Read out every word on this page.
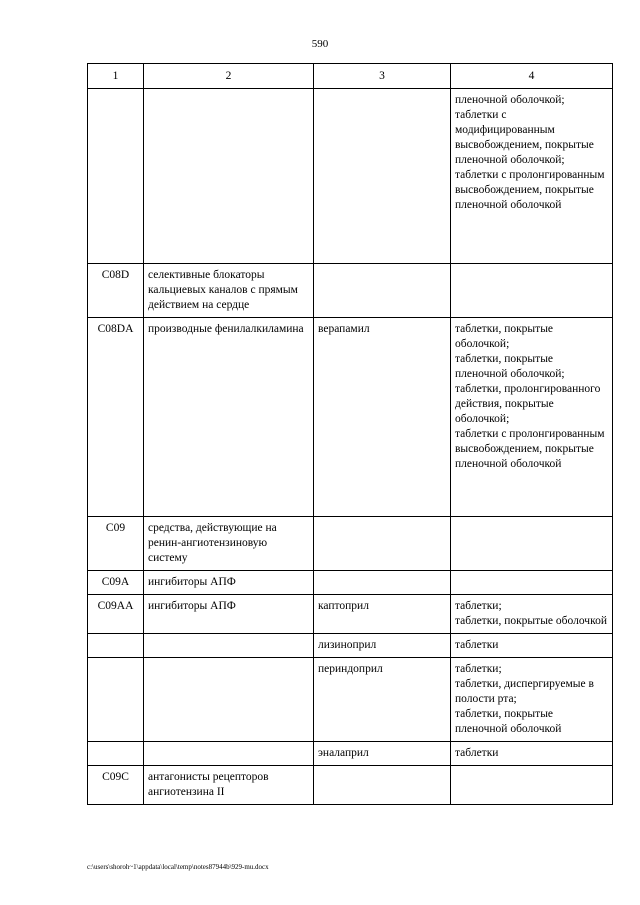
590
1	2	3	4
			пленочной оболочкой;
таблетки с модифицированным высвобождением, покрытые пленочной оболочкой;
таблетки с пролонгированным высвобождением, покрытые пленочной оболочкой
C08D	селективные блокаторы кальциевых каналов с прямым действием на сердце		
C08DA	производные фенилалкиламина	верапамил	таблетки, покрытые оболочкой;
таблетки, покрытые пленочной оболочкой;
таблетки, пролонгированного действия, покрытые оболочкой;
таблетки с пролонгированным высвобождением, покрытые пленочной оболочкой
C09	средства, действующие на ренин-ангиотензиновую систему		
C09A	ингибиторы АПФ		
C09AA	ингибиторы АПФ	каптоприл	таблетки;
таблетки, покрытые оболочкой
		лизиноприл	таблетки
		периндоприл	таблетки;
таблетки, диспергируемые в полости рта;
таблетки, покрытые пленочной оболочкой
		эналаприл	таблетки
C09C	антагонисты рецепторов ангиотензина II		
c:\users\shoroh~1\appdata\local\temp\notes87944b\929-mu.docx
